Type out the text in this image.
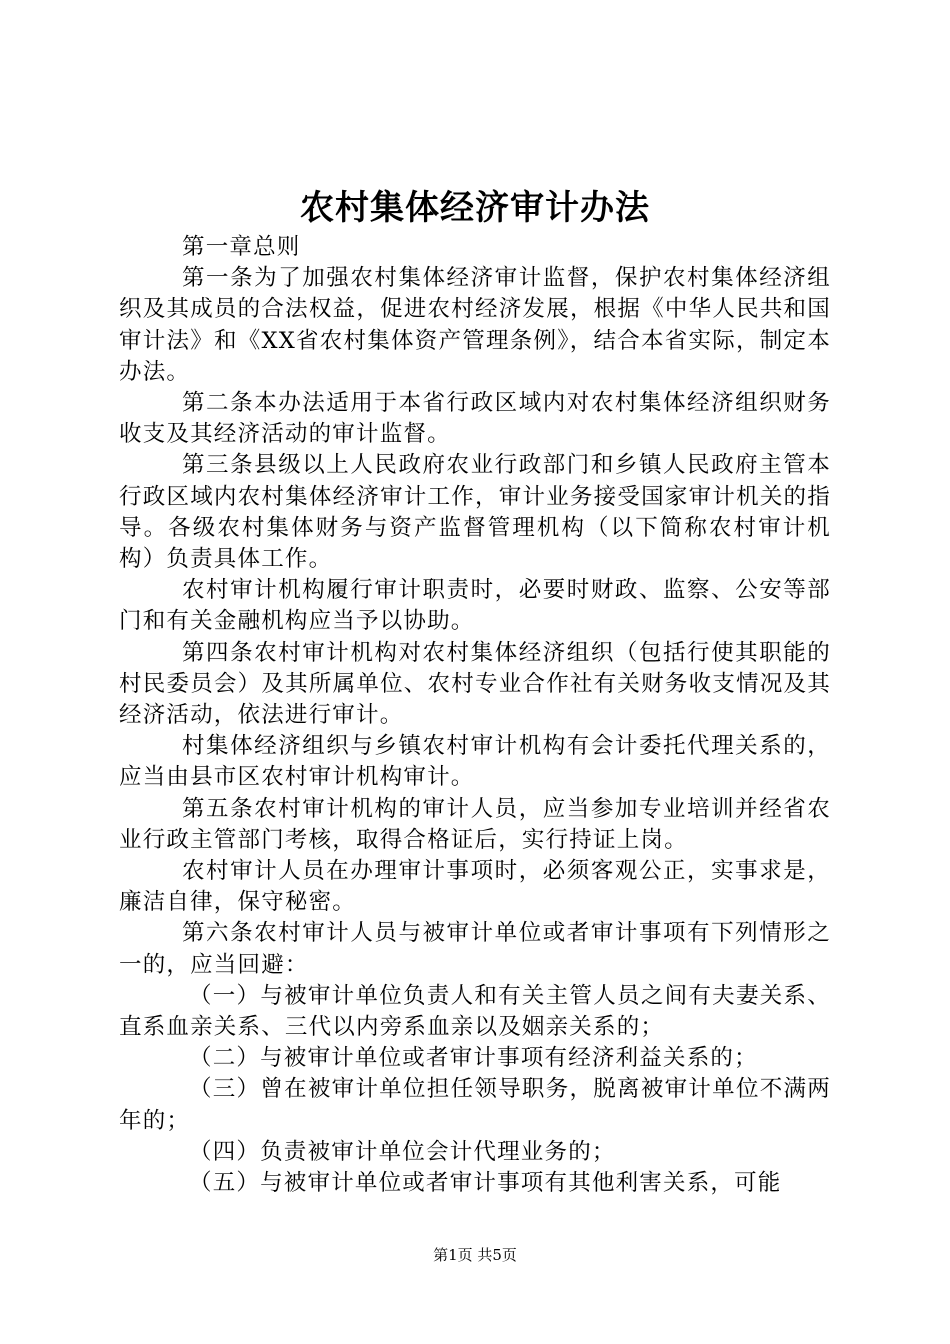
农村集体经济审计办法

第一章总则

第一条为了加强农村集体经济审计监督，保护农村集体经济组织及其成员的合法权益，促进农村经济发展，根据《中华人民共和国审计法》和《XX省农村集体资产管理条例》，结合本省实际，制定本办法。

第二条本办法适用于本省行政区域内对农村集体经济组织财务收支及其经济活动的审计监督。

第三条县级以上人民政府农业行政部门和乡镇人民政府主管本行政区域内农村集体经济审计工作，审计业务接受国家审计机关的指导。各级农村集体财务与资产监督管理机构（以下简称农村审计机构）负责具体工作。

农村审计机构履行审计职责时，必要时财政、监察、公安等部门和有关金融机构应当予以协助。

第四条农村审计机构对农村集体经济组织（包括行使其职能的村民委员会）及其所属单位、农村专业合作社有关财务收支情况及其经济活动，依法进行审计。

村集体经济组织与乡镇农村审计机构有会计委托代理关系的，应当由县市区农村审计机构审计。

第五条农村审计机构的审计人员，应当参加专业培训并经省农业行政主管部门考核，取得合格证后，实行持证上岗。

农村审计人员在办理审计事项时，必须客观公正，实事求是，廉洁自律，保守秘密。

第六条农村审计人员与被审计单位或者审计事项有下列情形之一的，应当回避：

（一）与被审计单位负责人和有关主管人员之间有夫妻关系、直系血亲关系、三代以内旁系血亲以及姻亲关系的；

（二）与被审计单位或者审计事项有经济利益关系的；

（三）曾在被审计单位担任领导职务，脱离被审计单位不满两年的；

（四）负责被审计单位会计代理业务的；

（五）与被审计单位或者审计事项有其他利害关系，可能

第1页 共5页
